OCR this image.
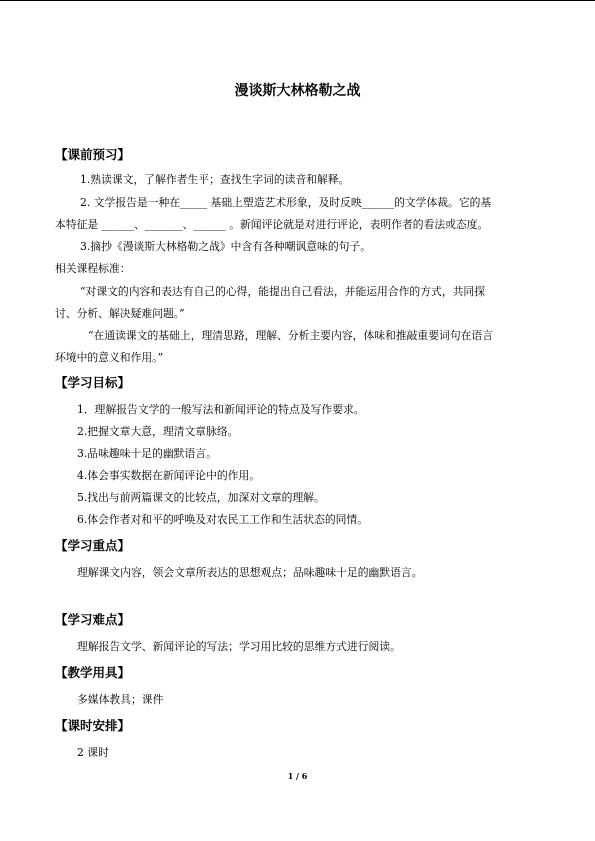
漫谈斯大林格勒之战
【课前预习】
1.熟读课文，了解作者生平；查找生字词的读音和解释。
2. 文学报告是一种在_____ 基础上塑造艺术形象，及时反映______的文学体裁。它的基
本特征是 ______、_______、______ 。新闻评论就是对进行评论，表明作者的看法或态度。
3.摘抄《漫谈斯大林格勒之战》中含有各种嘲讽意味的句子。
相关课程标准：
“对课文的内容和表达有自己的心得，能提出自己看法，并能运用合作的方式，共同探
讨、分析、解决疑难问题。”
“在通读课文的基础上，理清思路，理解、分析主要内容，体味和推敲重要词句在语言
环境中的意义和作用。”
【学习目标】
1．理解报告文学的一般写法和新闻评论的特点及写作要求。
2.把握文章大意，理清文章脉络。
3.品味趣味十足的幽默语言。
4.体会事实数据在新闻评论中的作用。
5.找出与前两篇课文的比较点，加深对文章的理解。
6.体会作者对和平的呼唤及对农民工工作和生活状态的同情。
【学习重点】
理解课文内容，领会文章所表达的思想观点；品味趣味十足的幽默语言。
【学习难点】
理解报告文学、新闻评论的写法；学习用比较的思维方式进行阅读。
【教学用具】
多媒体教具；课件
【课时安排】
2 课时
1 / 6
